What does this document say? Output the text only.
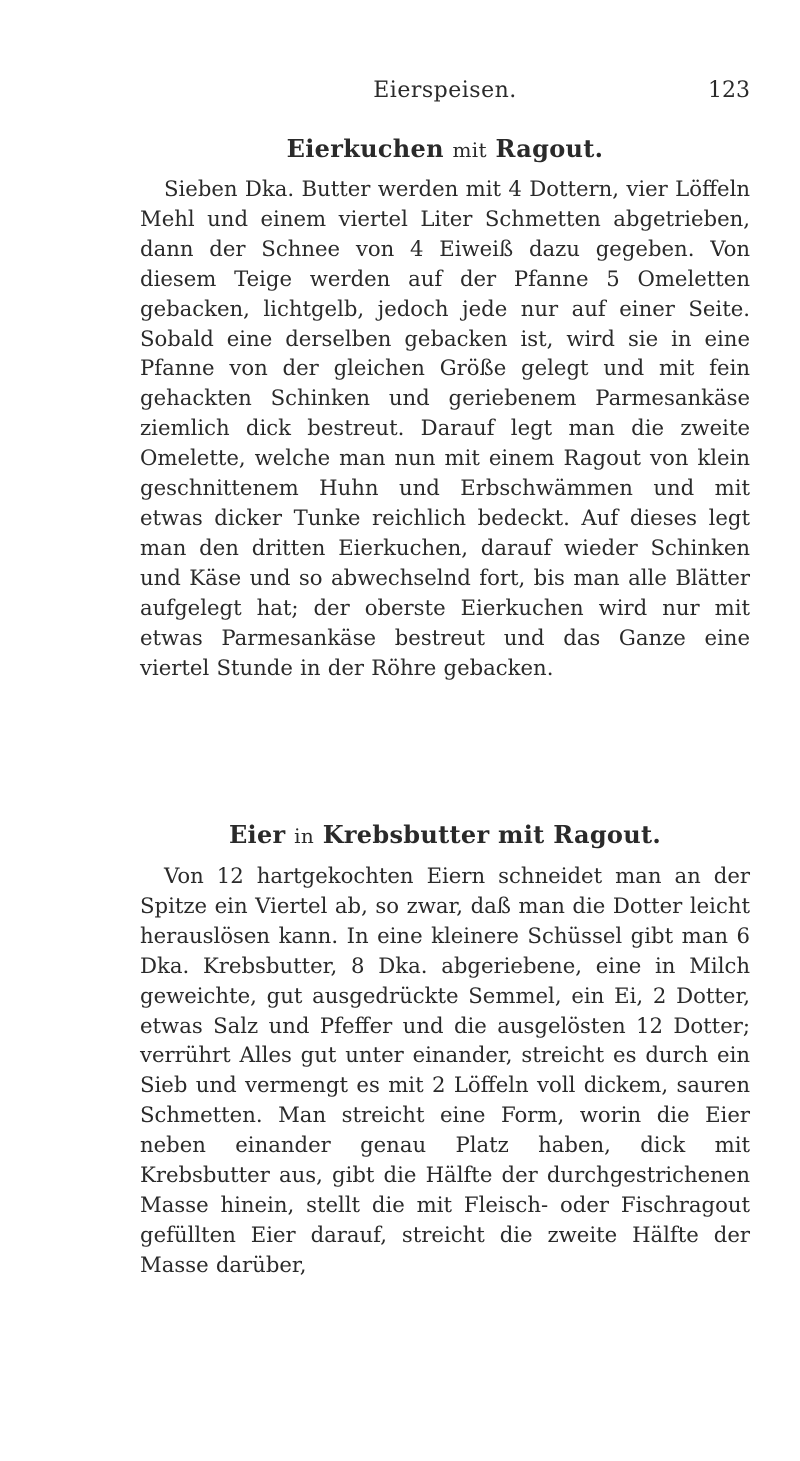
Eierspeisen.	123
Eierkuchen mit Ragout.

Sieben Dka. Butter werden mit 4 Dottern, vier Löffeln Mehl und einem viertel Liter Schmetten abgetrieben, dann der Schnee von 4 Eiweiß dazu gegeben. Von diesem Teige werden auf der Pfanne 5 Omeletten gebacken, lichtgelb, jedoch jede nur auf einer Seite. Sobald eine derselben gebacken ist, wird sie in eine Pfanne von der gleichen Größe gelegt und mit fein gehackten Schinken und geriebenem Parmesankäse ziemlich dick bestreut. Darauf legt man die zweite Omelette, welche man nun mit einem Ragout von klein geschnittenem Huhn und Erbschwämmen und mit etwas dicker Tunke reichlich bedeckt. Auf dieses legt man den dritten Eierkuchen, darauf wieder Schinken und Käse und so abwechselnd fort, bis man alle Blätter aufgelegt hat; der oberste Eierkuchen wird nur mit etwas Parmesankäse bestreut und das Ganze eine viertel Stunde in der Röhre gebacken.

Eier in Krebsbutter mit Ragout.

Von 12 hartgekochten Eiern schneidet man an der Spitze ein Viertel ab, so zwar, daß man die Dotter leicht herauslösen kann. In eine kleinere Schüssel gibt man 6 Dka. Krebsbutter, 8 Dka. abgeriebene, eine in Milch geweichte, gut ausgedrückte Semmel, ein Ei, 2 Dotter, etwas Salz und Pfeffer und die ausgelösten 12 Dotter; verrührt Alles gut unter einander, streicht es durch ein Sieb und vermengt es mit 2 Löffeln voll dickem, sauren Schmetten. Man streicht eine Form, worin die Eier neben einander genau Platz haben, dick mit Krebsbutter aus, gibt die Hälfte der durchgestrichenen Masse hinein, stellt die mit Fleisch- oder Fischragout gefüllten Eier darauf, streicht die zweite Hälfte der Masse darüber,
